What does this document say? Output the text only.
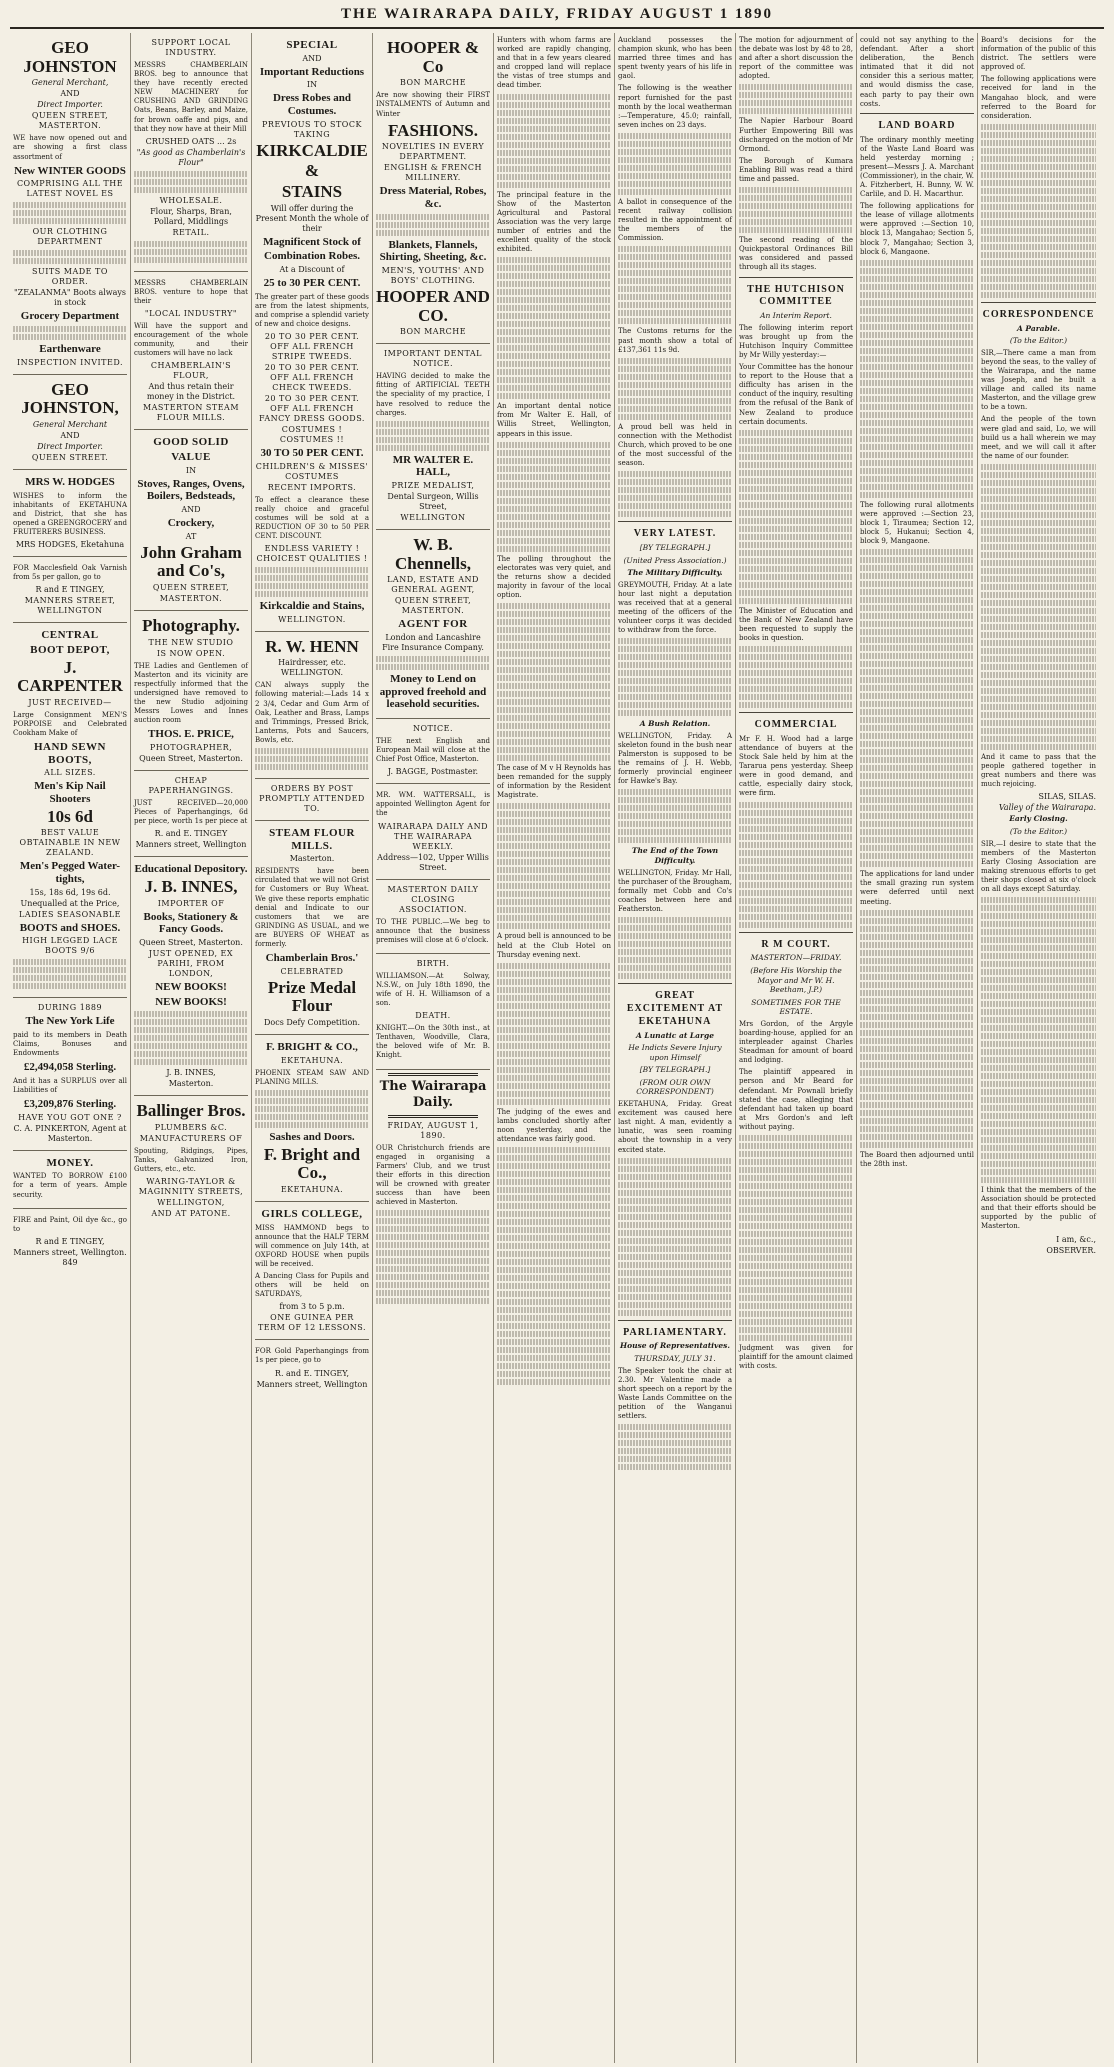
THE WAIRARAPA DAILY, FRIDAY AUGUST 1 1890
GEO JOHNSTON
General Merchant,
AND
Direct Importer.
QUEEN STREET, MASTERTON.
WE have now opened out and are showing a first class assortment of
New WINTER GOODS
COMPRISING ALL THE LATEST NOVEL ES
OUR CLOTHING DEPARTMENT
SUITS MADE TO ORDER.
"ZEALANMA" Boots always in stock
Grocery Department
Earthenware
INSPECTION INVITED.
GEO JOHNSTON,
General Merchant
AND
Direct Importer.
QUEEN STREET.
MRS W. HODGES
WISHES to inform the inhabitants of EKETAHUNA and District, that she has opened a GREENGROCERY and FRUITERERS BUSINESS.
MRS HODGES, Eketahuna
FOR Macclesfield Oak Varnish from 5s per gallon, go to
R and E TINGEY,
MANNERS STREET, WELLINGTON
CENTRAL
BOOT DEPOT,
J. CARPENTER
JUST RECEIVED—
Large Consignment MEN'S PORPOISE and Celebrated Cookham Make of
HAND SEWN BOOTS,
ALL SIZES.
Men's Kip Nail Shooters
10s 6d
BEST VALUE OBTAINABLE IN NEW ZEALAND.
Men's Pegged Water-tights,
15s, 18s 6d, 19s 6d.
Unequalled at the Price,
LADIES SEASONABLE
BOOTS and SHOES.
HIGH LEGGED LACE BOOTS 9/6
DURING 1889
The New York Life
paid to its members in Death Claims, Bonuses and Endowments
£2,494,058 Sterling.
And it has a SURPLUS over all Liabilities of
£3,209,876 Sterling.
HAVE YOU GOT ONE ?
C. A. PINKERTON, Agent at Masterton.
MONEY.
WANTED TO BORROW £100 for a term of years. Ample security.
FIRE and Paint, Oil dye &c., go to
R and E TINGEY,
Manners street, Wellington. 849
SUPPORT LOCAL INDUSTRY.
MESSRS CHAMBERLAIN BROS. beg to announce that they have recently erected NEW MACHINERY for CRUSHING AND GRINDING Oats, Beans, Barley, and Maize, for brown oaffe and pigs, and that they now have at their Mill
CRUSHED OATS ... 2s
"As good as Chamberlain's Flour"
WHOLESALE.
Flour, Sharps, Bran, Pollard, Middlings
RETAIL.
MESSRS CHAMBERLAIN BROS. venture to hope that their
"LOCAL INDUSTRY"
Will have the support and encouragement of the whole community, and their customers will have no lack
CHAMBERLAIN'S FLOUR,
And thus retain their money in the District.
MASTERTON STEAM FLOUR MILLS.
GOOD SOLID
VALUE
IN
Stoves, Ranges, Ovens, Boilers, Bedsteads,
AND
Crockery,
AT
John Graham and Co's,
QUEEN STREET,
MASTERTON.
Photography.
THE NEW STUDIO
IS NOW OPEN.
THE Ladies and Gentlemen of Masterton and its vicinity are respectfully informed that the undersigned have removed to the new Studio adjoining Messrs Lowes and Innes auction room
THOS. E. PRICE,
PHOTOGRAPHER,
Queen Street, Masterton.
CHEAP PAPERHANGINGS.
JUST RECEIVED—20,000 Pieces of Paperhangings, 6d per piece, worth 1s per piece at
R. and E. TINGEY
Manners street, Wellington
Educational Depository.
J. B. INNES,
IMPORTER OF
Books, Stationery & Fancy Goods.
Queen Street, Masterton.
JUST OPENED, EX PARIHI, FROM LONDON,
NEW BOOKS!
NEW BOOKS!
J. B. INNES,
Masterton.
Ballinger Bros.
PLUMBERS &C.
MANUFACTURERS OF
Spouting, Ridgings, Pipes, Tanks, Galvanized Iron, Gutters, etc., etc.
WARING-TAYLOR & MAGINNITY STREETS,
WELLINGTON,
AND AT PATONE.
SPECIAL
AND
Important Reductions
IN
Dress Robes and Costumes.
PREVIOUS TO STOCK TAKING
KIRKCALDIE
&
STAINS
Will offer during the Present Month the whole of their
Magnificent Stock of
Combination Robes.
At a Discount of
25 to 30 PER CENT.
The greater part of these goods are from the latest shipments, and comprise a splendid variety of new and choice designs.
20 TO 30 PER CENT. OFF ALL FRENCH STRIPE TWEEDS.
20 TO 30 PER CENT. OFF ALL FRENCH CHECK TWEEDS.
20 TO 30 PER CENT. OFF ALL FRENCH FANCY DRESS GOODS.
COSTUMES ! COSTUMES !!
30 TO 50 PER CENT.
CHILDREN'S & MISSES' COSTUMES
RECENT IMPORTS.
To effect a clearance these really choice and graceful costumes will be sold at a REDUCTION OF 30 to 50 PER CENT. DISCOUNT.
ENDLESS VARIETY ! CHOICEST QUALITIES !
Kirkcaldie and Stains,
WELLINGTON.
R. W. HENN
Hairdresser, etc. WELLINGTON.
CAN always supply the following material:—Lads 14 x 2 3/4, Cedar and Gum Arm of Oak, Leather and Brass, Lamps and Trimmings, Pressed Brick, Lanterns, Pots and Saucers, Bowls, etc.
ORDERS BY POST PROMPTLY ATTENDED TO.
STEAM FLOUR MILLS.
Masterton.
RESIDENTS have been circulated that we will not Grist for Customers or Buy Wheat. We give these reports emphatic denial and Indicate to our customers that we are GRINDING AS USUAL, and we are BUYERS OF WHEAT as formerly.
Chamberlain Bros.'
CELEBRATED
Prize Medal Flour
Docs Defy Competition.
F. BRIGHT & CO.,
EKETAHUNA.
PHOENIX STEAM SAW AND PLANING MILLS.
Sashes and Doors.
F. Bright and Co.,
EKETAHUNA.
GIRLS COLLEGE,
MISS HAMMOND begs to announce that the HALF TERM will commence on July 14th, at OXFORD HOUSE when pupils will be received.
A Dancing Class for Pupils and others will be held on SATURDAYS,
from 3 to 5 p.m.
ONE GUINEA PER TERM OF 12 LESSONS.
FOR Gold Paperhangings from 1s per piece, go to
R. and E. TINGEY,
Manners street, Wellington
HOOPER & Co
BON MARCHE
Are now showing their FIRST INSTALMENTS of Autumn and Winter
FASHIONS.
NOVELTIES IN EVERY DEPARTMENT.
ENGLISH & FRENCH MILLINERY.
Dress Material, Robes, &c.
Blankets, Flannels, Shirting, Sheeting, &c.
MEN'S, YOUTHS' AND BOYS' CLOTHING.
HOOPER AND CO.
BON MARCHE
IMPORTANT DENTAL NOTICE.
HAVING decided to make the fitting of ARTIFICIAL TEETH the speciality of my practice, I have resolved to reduce the charges.
MR WALTER E. HALL,
PRIZE MEDALIST,
Dental Surgeon, Willis Street,
WELLINGTON
W. B. Chennells,
LAND, ESTATE AND GENERAL AGENT,
QUEEN STREET, MASTERTON.
AGENT FOR
London and Lancashire Fire Insurance Company.
Money to Lend on approved freehold and leasehold securities.
NOTICE.
THE next English and European Mail will close at the Chief Post Office, Masterton.
J. BAGGE, Postmaster.
MR. WM. WATTERSALL, is appointed Wellington Agent for the
WAIRARAPA DAILY AND THE WAIRARAPA WEEKLY.
Address—102, Upper Willis Street.
MASTERTON DAILY CLOSING ASSOCIATION.
TO THE PUBLIC.—We beg to announce that the business premises will close at 6 o'clock.
BIRTH.
WILLIAMSON.—At Solway, N.S.W., on July 18th 1890, the wife of H. H. Williamson of a son.
DEATH.
KNIGHT.—On the 30th inst., at Tenthaven, Woodville, Clara, the beloved wife of Mr. B. Knight.
The Wairarapa Daily.
FRIDAY, AUGUST 1, 1890.
OUR Christchurch friends are engaged in organising a Farmers' Club, and we trust their efforts in this direction will be crowned with greater success than have been achieved in Masterton.
Hunters with whom farms are worked are rapidly changing, and that in a few years cleared and cropped land will replace the vistas of tree stumps and dead timber.
The principal feature in the Show of the Masterton Agricultural and Pastoral Association was the very large number of entries and the excellent quality of the stock exhibited.
An important dental notice from Mr Walter E. Hall, of Willis Street, Wellington, appears in this issue.
The polling throughout the electorates was very quiet, and the returns show a decided majority in favour of the local option.
The case of M v H Reynolds has been remanded for the supply of information by the Resident Magistrate.
A proud bell is announced to be held at the Club Hotel on Thursday evening next.
The judging of the ewes and lambs concluded shortly after noon yesterday, and the attendance was fairly good.
Auckland possesses the champion skunk, who has been married three times and has spent twenty years of his life in gaol.
The following is the weather report furnished for the past month by the local weatherman :—Temperature, 45.0; rainfall, seven inches on 23 days.
A ballot in consequence of the recent railway collision resulted in the appointment of the members of the Commission.
The Customs returns for the past month show a total of £137,361 11s 9d.
A proud bell was held in connection with the Methodist Church, which proved to be one of the most successful of the season.
VERY LATEST.
[BY TELEGRAPH.]
(United Press Association.)
The Military Difficulty.
GREYMOUTH, Friday. At a late hour last night a deputation was received that at a general meeting of the officers of the volunteer corps it was decided to withdraw from the force.
A Bush Relation.
WELLINGTON, Friday. A skeleton found in the bush near Palmerston is supposed to be the remains of J. H. Webb, formerly provincial engineer for Hawke's Bay.
The End of the Town Difficulty.
WELLINGTON, Friday. Mr Hall, the purchaser of the Brougham, formally met Cobb and Co's coaches between here and Featherston.
GREAT EXCITEMENT AT EKETAHUNA
A Lunatic at Large
He Indicts Severe Injury upon Himself
[BY TELEGRAPH.]
(FROM OUR OWN CORRESPONDENT)
EKETAHUNA, Friday. Great excitement was caused here last night. A man, evidently a lunatic, was seen roaming about the township in a very excited state.
PARLIAMENTARY.
House of Representatives.
THURSDAY, JULY 31.
The Speaker took the chair at 2.30. Mr Valentine made a short speech on a report by the Waste Lands Committee on the petition of the Wanganui settlers.
The motion for adjournment of the debate was lost by 48 to 28, and after a short discussion the report of the committee was adopted.
The Napier Harbour Board Further Empowering Bill was discharged on the motion of Mr Ormond.
The Borough of Kumara Enabling Bill was read a third time and passed.
The second reading of the Quickpastoral Ordinances Bill was considered and passed through all its stages.
THE HUTCHISON COMMITTEE
An Interim Report.
The following interim report was brought up from the Hutchison Inquiry Committee by Mr Willy yesterday:—
Your Committee has the honour to report to the House that a difficulty has arisen in the conduct of the inquiry, resulting from the refusal of the Bank of New Zealand to produce certain documents.
The Minister of Education and the Bank of New Zealand have been requested to supply the books in question.
COMMERCIAL
Mr F. H. Wood had a large attendance of buyers at the Stock Sale held by him at the Tararua pens yesterday. Sheep were in good demand, and cattle, especially dairy stock, were firm.
R M COURT.
MASTERTON—FRIDAY.
(Before His Worship the Mayor and Mr W. H. Beetham, J.P.)
SOMETIMES FOR THE ESTATE.
Mrs Gordon, of the Argyle boarding-house, applied for an interpleader against Charles Steadman for amount of board and lodging.
The plaintiff appeared in person and Mr Beard for defendant. Mr Pownall briefly stated the case, alleging that defendant had taken up board at Mrs Gordon's and left without paying.
Judgment was given for plaintiff for the amount claimed with costs.
could not say anything to the defendant. After a short deliberation, the Bench intimated that it did not consider this a serious matter, and would dismiss the case, each party to pay their own costs.
LAND BOARD
The ordinary monthly meeting of the Waste Land Board was held yesterday morning ; present—Messrs J. A. Marchant (Commissioner), in the chair, W. A. Fitzherbert, H. Bunny, W. W. Carlile, and D. H. Macarthur.
The following applications for the lease of village allotments were approved :—Section 10, block 13, Mangahao; Section 5, block 7, Mangahao; Section 3, block 6, Mangaone.
The following rural allotments were approved :—Section 23, block 1, Tiraumea; Section 12, block 5, Hukanui; Section 4, block 9, Mangaone.
The applications for land under the small grazing run system were deferred until next meeting.
The Board then adjourned until the 28th inst.
Board's decisions for the information of the public of this district. The settlers were approved of.
The following applications were received for land in the Mangahao block, and were referred to the Board for consideration.
CORRESPONDENCE
A Parable.
(To the Editor.)
SIR,—There came a man from beyond the seas, to the valley of the Wairarapa, and the name was Joseph, and he built a village and called its name Masterton, and the village grew to be a town.
And the people of the town were glad and said, Lo, we will build us a hall wherein we may meet, and we will call it after the name of our founder.
And it came to pass that the people gathered together in great numbers and there was much rejoicing.
SILAS, SILAS.
Valley of the Wairarapa.
Early Closing.
(To the Editor.)
SIR,—I desire to state that the members of the Masterton Early Closing Association are making strenuous efforts to get their shops closed at six o'clock on all days except Saturday.
I think that the members of the Association should be protected and that their efforts should be supported by the public of Masterton.
I am, &c.,
OBSERVER.
